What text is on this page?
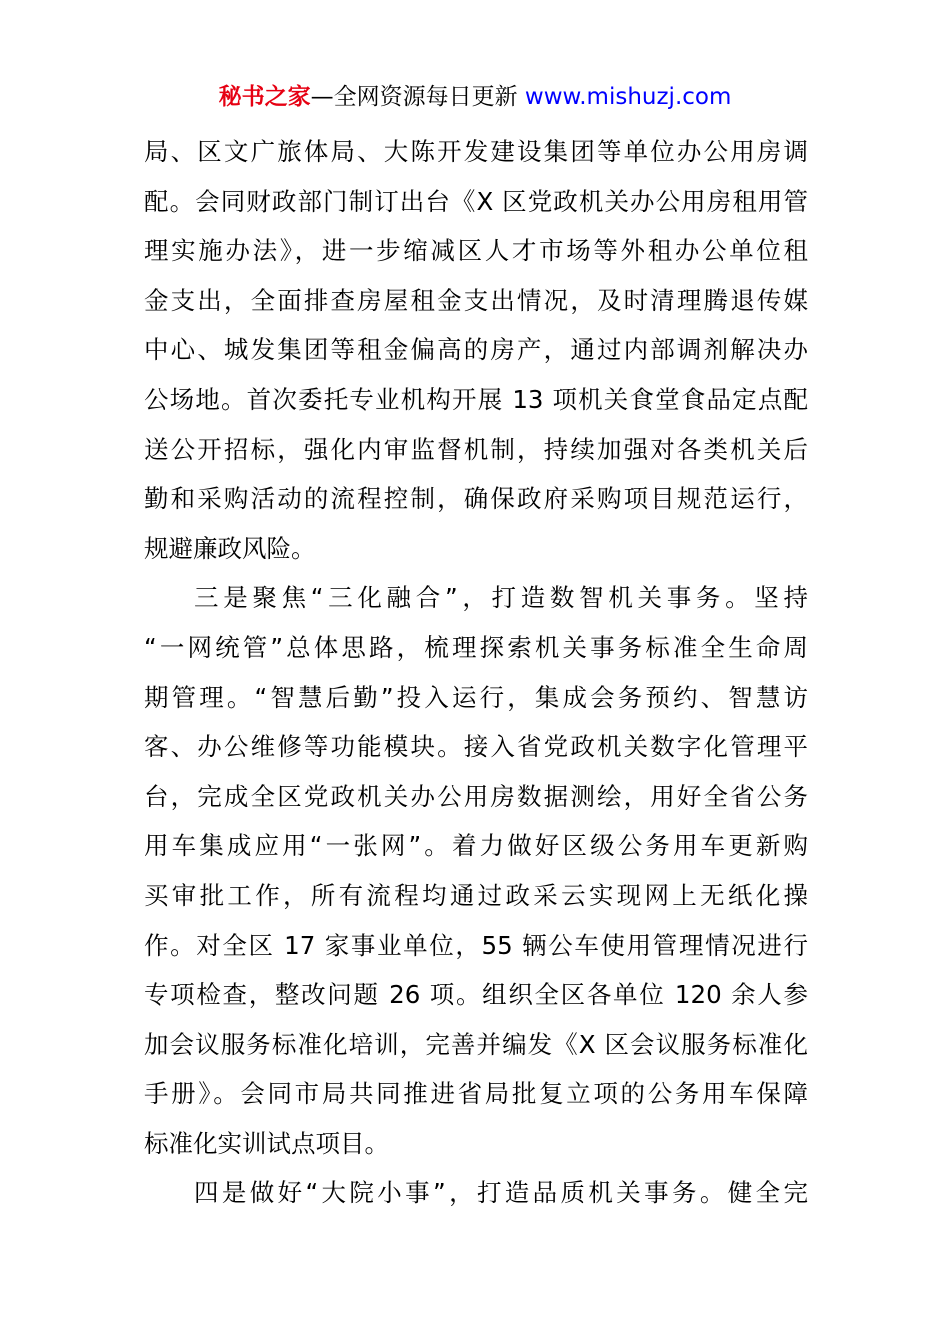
秘书之家—全网资源每日更新 www.mishuzj.com
局、区文广旅体局、大陈开发建设集团等单位办公用房调
配。会同财政部门制订出台《X 区党政机关办公用房租用管
理实施办法》，进一步缩减区人才市场等外租办公单位租
金支出，全面排查房屋租金支出情况，及时清理腾退传媒
中心、城发集团等租金偏高的房产，通过内部调剂解决办
公场地。首次委托专业机构开展 13 项机关食堂食品定点配
送公开招标，强化内审监督机制，持续加强对各类机关后
勤和采购活动的流程控制，确保政府采购项目规范运行，
规避廉政风险。
三是聚焦“三化融合”，打造数智机关事务。坚持
“一网统管”总体思路，梳理探索机关事务标准全生命周
期管理。“智慧后勤”投入运行，集成会务预约、智慧访
客、办公维修等功能模块。接入省党政机关数字化管理平
台，完成全区党政机关办公用房数据测绘，用好全省公务
用车集成应用“一张网”。着力做好区级公务用车更新购
买审批工作，所有流程均通过政采云实现网上无纸化操
作。对全区 17 家事业单位，55 辆公车使用管理情况进行
专项检查，整改问题 26 项。组织全区各单位 120 余人参
加会议服务标准化培训，完善并编发《X 区会议服务标准化
手册》。会同市局共同推进省局批复立项的公务用车保障
标准化实训试点项目。
四是做好“大院小事”，打造品质机关事务。健全完
